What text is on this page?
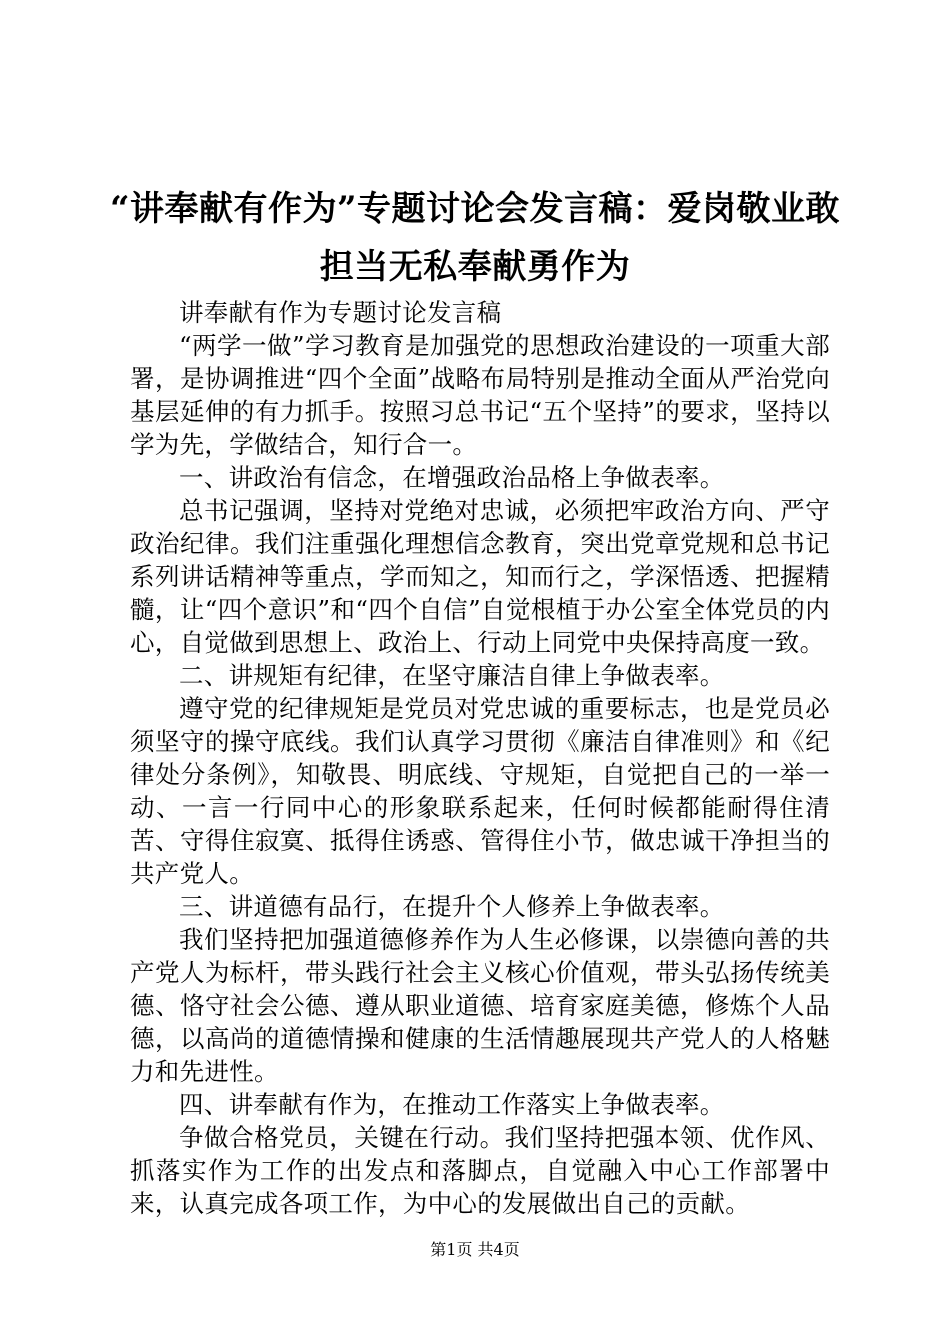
“讲奉献有作为”专题讨论会发言稿：爱岗敬业敢担当无私奉献勇作为

讲奉献有作为专题讨论发言稿

“两学一做”学习教育是加强党的思想政治建设的一项重大部署，是协调推进“四个全面”战略布局特别是推动全面从严治党向基层延伸的有力抓手。按照习总书记“五个坚持”的要求，坚持以学为先，学做结合，知行合一。

一、讲政治有信念，在增强政治品格上争做表率。

总书记强调，坚持对党绝对忠诚，必须把牢政治方向、严守政治纪律。我们注重强化理想信念教育，突出党章党规和总书记系列讲话精神等重点，学而知之，知而行之，学深悟透、把握精髓，让“四个意识”和“四个自信”自觉根植于办公室全体党员的内心，自觉做到思想上、政治上、行动上同党中央保持高度一致。

二、讲规矩有纪律，在坚守廉洁自律上争做表率。

遵守党的纪律规矩是党员对党忠诚的重要标志，也是党员必须坚守的操守底线。我们认真学习贯彻《廉洁自律准则》和《纪律处分条例》，知敬畏、明底线、守规矩，自觉把自己的一举一动、一言一行同中心的形象联系起来，任何时候都能耐得住清苦、守得住寂寞、抵得住诱惑、管得住小节，做忠诚干净担当的共产党人。

三、讲道德有品行，在提升个人修养上争做表率。

我们坚持把加强道德修养作为人生必修课，以崇德向善的共产党人为标杆，带头践行社会主义核心价值观，带头弘扬传统美德、恪守社会公德、遵从职业道德、培育家庭美德，修炼个人品德，以高尚的道德情操和健康的生活情趣展现共产党人的人格魅力和先进性。

四、讲奉献有作为，在推动工作落实上争做表率。

争做合格党员，关键在行动。我们坚持把强本领、优作风、抓落实作为工作的出发点和落脚点，自觉融入中心工作部署中来，认真完成各项工作，为中心的发展做出自己的贡献。

第1页 共4页
